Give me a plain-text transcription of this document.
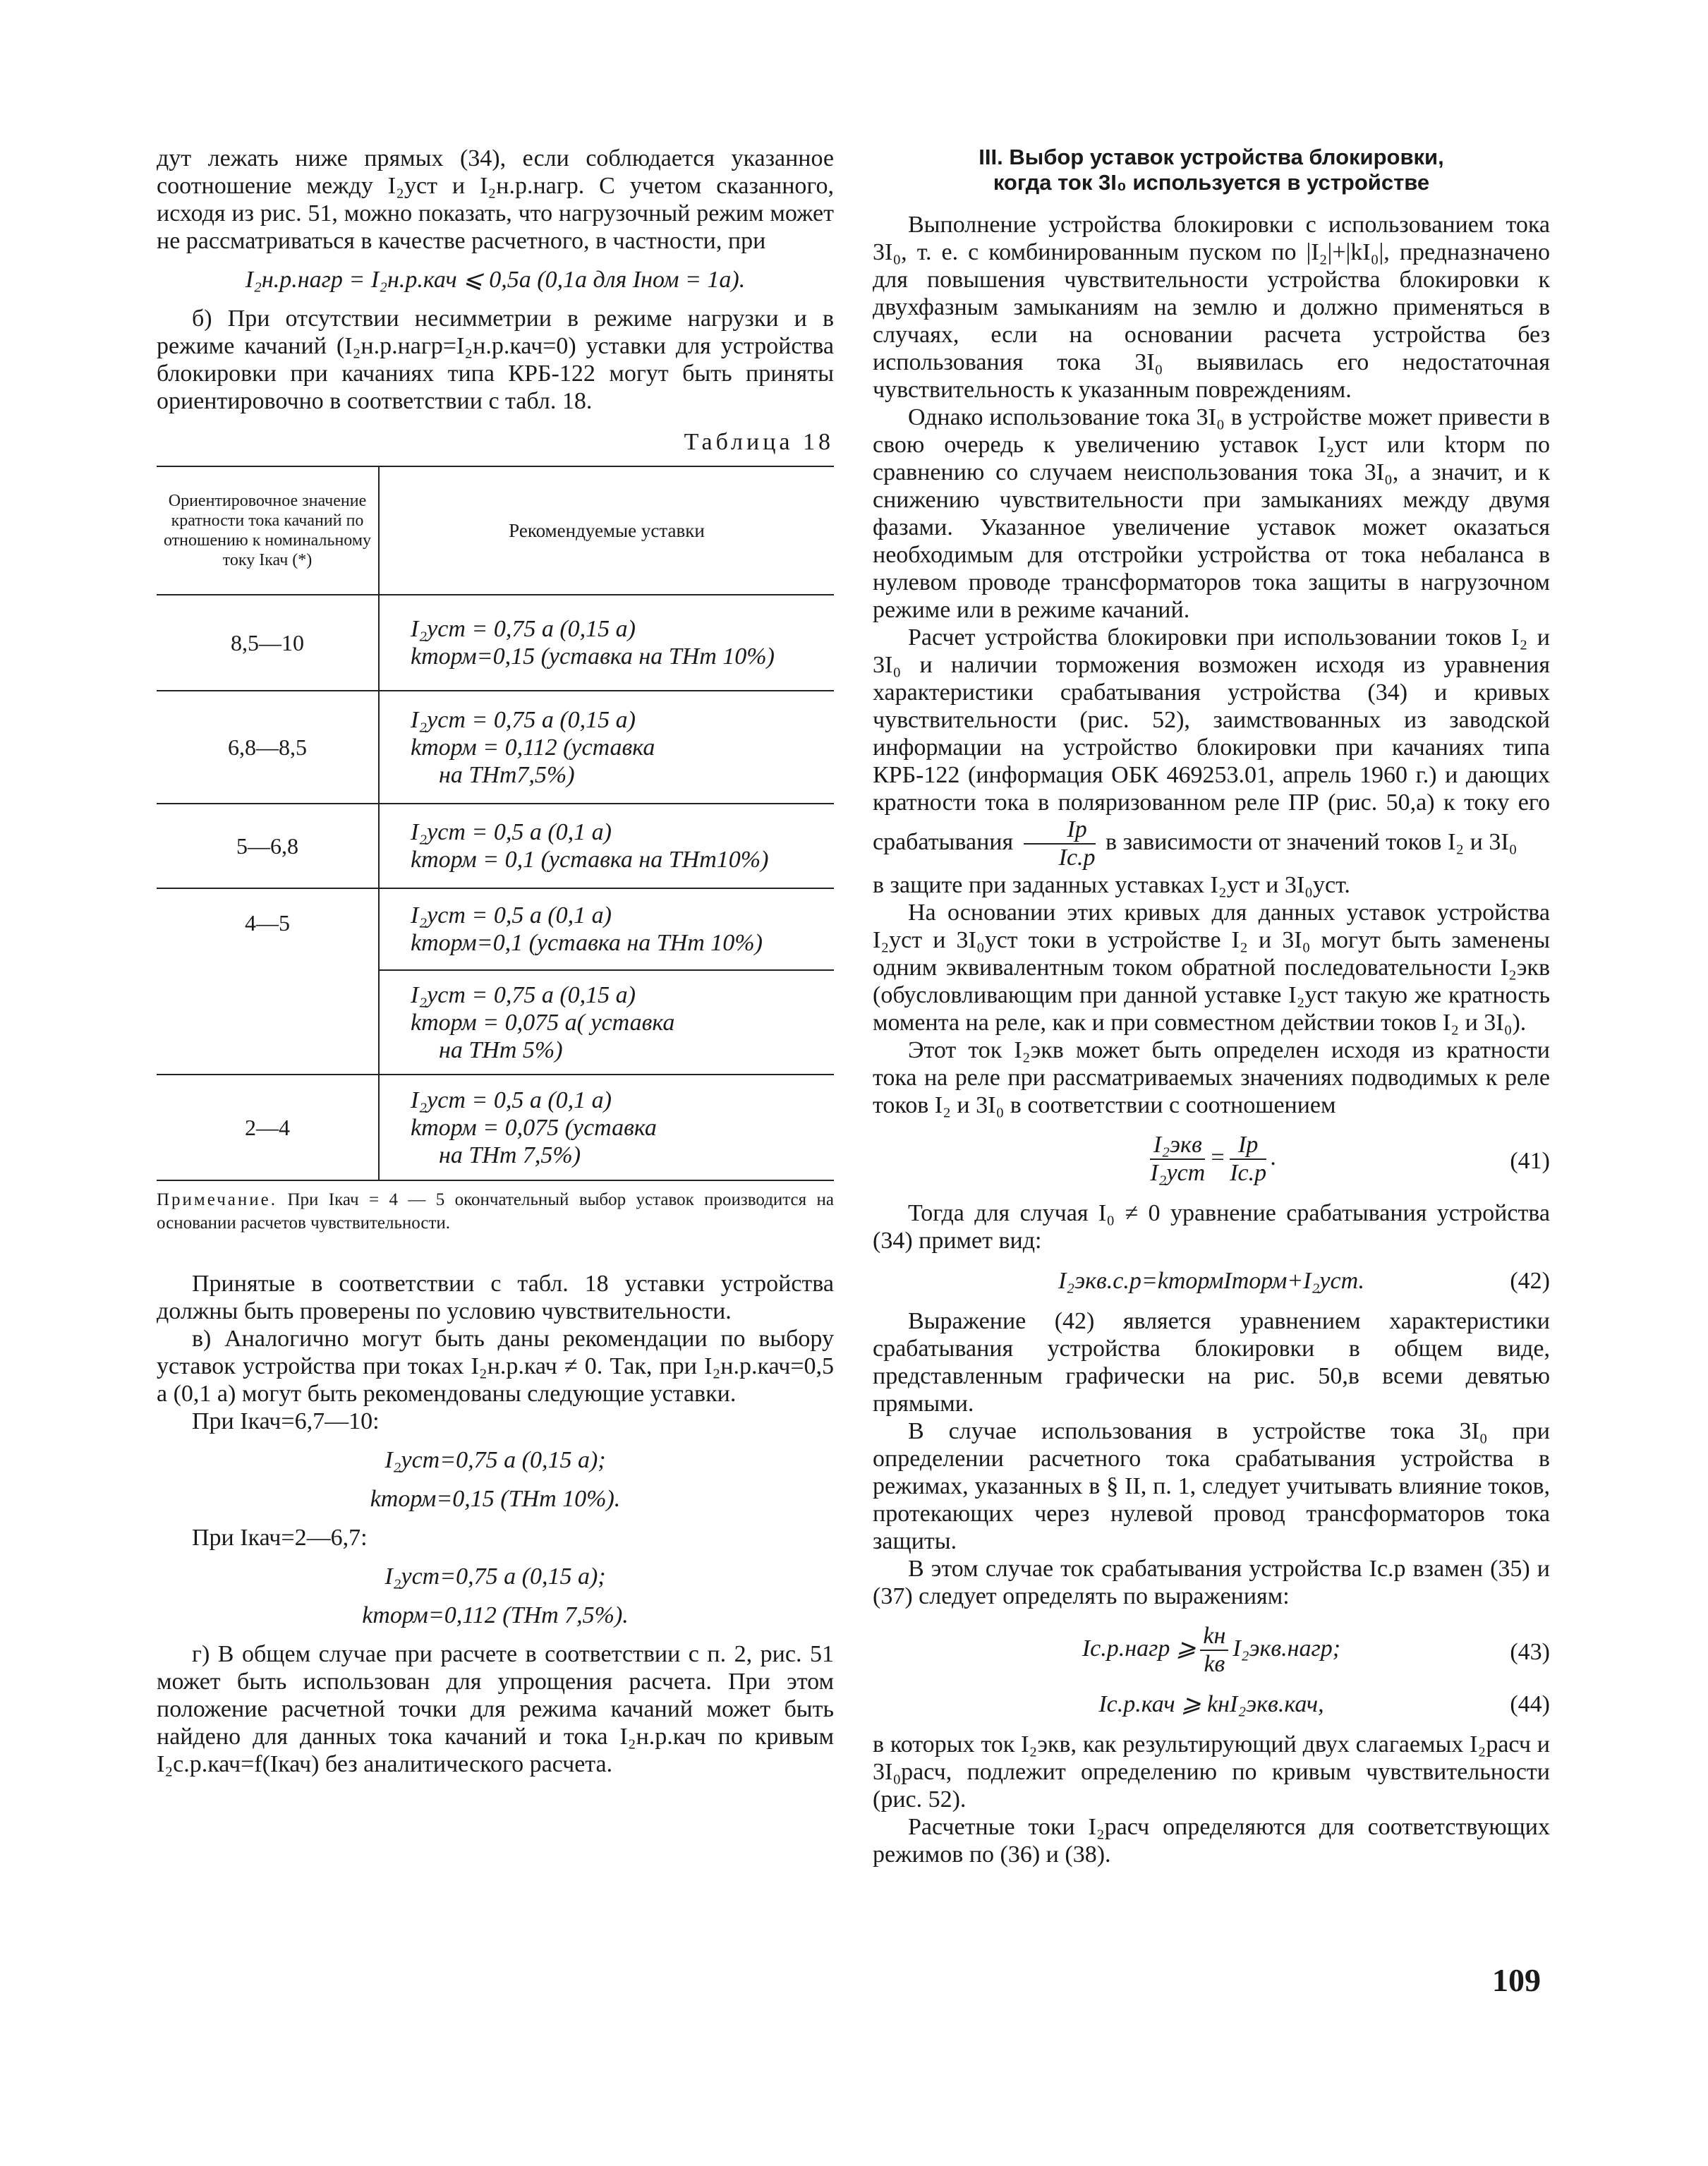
дут лежать ниже прямых (34), если соблюдается указанное соотношение между I₂уст и I₂н.р.нагр. С учетом сказанного, исходя из рис. 51, можно показать, что нагрузочный режим может не рассматриваться в качестве расчетного, в частности, при

I₂н.р.нагр = I₂н.р.кач ⩽ 0,5a (0,1a для Iном = 1a).

б) При отсутствии несимметрии в режиме нагрузки и в режиме качаний (I₂н.р.нагр=I₂н.р.кач=0) уставки для устройства блокировки при качаниях типа КРБ-122 могут быть приняты ориентировочно в соответствии с табл. 18.

Таблица 18
Ориентировочное значение кратности тока качаний по отношению к номинальному току Iкач (*)	Рекомендуемые уставки
8,5—10	I₂уст = 0,75 a (0,15 a)
kторм=0,15 (уставка на THт 10%)

6,8—8,5	I₂уст = 0,75 a (0,15 a)
kторм = 0,112 (уставка
на THт7,5%)

5—6,8	I₂уст = 0,5 a (0,1 a)
kторм = 0,1 (уставка на THт10%)

4—5	I₂уст = 0,5 a (0,1 a)
kторм=0,1 (уставка на THт 10%)

	I₂уст = 0,75 a (0,15 a)
kторм = 0,075 a( уставка
на THт 5%)

2—4	I₂уст = 0,5 a (0,1 a)
kторм = 0,075 (уставка
на THт 7,5%)
Примечание. При Iкач = 4 — 5 окончательный выбор уставок производится на основании расчетов чувствительности.

Принятые в соответствии с табл. 18 уставки устройства должны быть проверены по условию чувствительности.

в) Аналогично могут быть даны рекомендации по выбору уставок устройства при токах I₂н.р.кач ≠ 0. Так, при I₂н.р.кач=0,5 a (0,1 a) могут быть рекомендованы следующие уставки.

При Iкач=6,7—10:

I₂уст=0,75 a (0,15 a);
kторм=0,15 (THт 10%).

При Iкач=2—6,7:

I₂уст=0,75 a (0,15 a);
kторм=0,112 (THт 7,5%).

г) В общем случае при расчете в соответствии с п. 2, рис. 51 может быть использован для упрощения расчета. При этом положение расчетной точки для режима качаний может быть найдено для данных тока качаний и тока I₂н.р.кач по кривым I₂с.р.кач=f(Iкач) без аналитического расчета.

III. Выбор уставок устройства блокировки,
когда ток 3I₀ используется в устройстве

Выполнение устройства блокировки с использованием тока 3I₀, т. е. с комбинированным пуском по |I₂|+|kI₀|, предназначено для повышения чувствительности устройства блокировки к двухфазным замыканиям на землю и должно применяться в случаях, если на основании расчета устройства без использования тока 3I₀ выявилась его недостаточная чувствительность к указанным повреждениям.

Однако использование тока 3I₀ в устройстве может привести в свою очередь к увеличению уставок I₂уст или kторм по сравнению со случаем неиспользования тока 3I₀, а значит, и к снижению чувствительности при замыканиях между двумя фазами. Указанное увеличение уставок может оказаться необходимым для отстройки устройства от тока небаланса в нулевом проводе трансформаторов тока защиты в нагрузочном режиме или в режиме качаний.

Расчет устройства блокировки при использовании токов I₂ и 3I₀ и наличии торможения возможен исходя из уравнения характеристики срабатывания устройства (34) и кривых чувствительности (рис. 52), заимствованных из заводской информации на устройство блокировки при качаниях типа КРБ-122 (информация ОБК 469253.01, апрель 1960 г.) и дающих кратности тока в поляризованном реле ПР (рис. 50,а) к току его срабатывания $\frac{Iр}{Iс.р}$ в зависимости от значений токов I₂ и 3I₀

в защите при заданных уставках I₂уст и 3I₀уст.

На основании этих кривых для данных уставок устройства I₂уст и 3I₀уст токи в устройстве I₂ и 3I₀ могут быть заменены одним эквивалентным током обратной последовательности I₂экв (обусловливающим при данной уставке I₂уст такую же кратность момента на реле, как и при совместном действии токов I₂ и 3I₀).

Этот ток I₂экв может быть определен исходя из кратности тока на реле при рассматриваемых значениях подводимых к реле токов I₂ и 3I₀ в соответствии с соотношением

$\frac{\text{I₂экв}}{\text{I₂уст}} = \frac{Iр}{Iс.р}$ .	(41)

Тогда для случая I₀ ≠ 0 уравнение срабатывания устройства (34) примет вид:

I₂экв.с.р=kтормIторм+I₂уст.	(42)

Выражение (42) является уравнением характеристики срабатывания устройства блокировки в общем виде, представленным графически на рис. 50,в всеми девятью прямыми.

В случае использования в устройстве тока 3I₀ при определении расчетного тока срабатывания устройства в режимах, указанных в § II, п. 1, следует учитывать влияние токов, протекающих через нулевой провод трансформаторов тока защиты.

В этом случае ток срабатывания устройства Iс.р взамен (35) и (37) следует определять по выражениям:

Iс.р.нагр ⩾ $\frac{kн}{kв}$ I₂экв.нагр;	(43)
Iс.р.кач ⩾ kнI₂экв.кач,	(44)

в которых ток I₂экв, как результирующий двух слагаемых I₂расч и 3I₀расч, подлежит определению по кривым чувствительности (рис. 52).

Расчетные токи I₂расч определяются для соответствующих режимов по (36) и (38).

109
